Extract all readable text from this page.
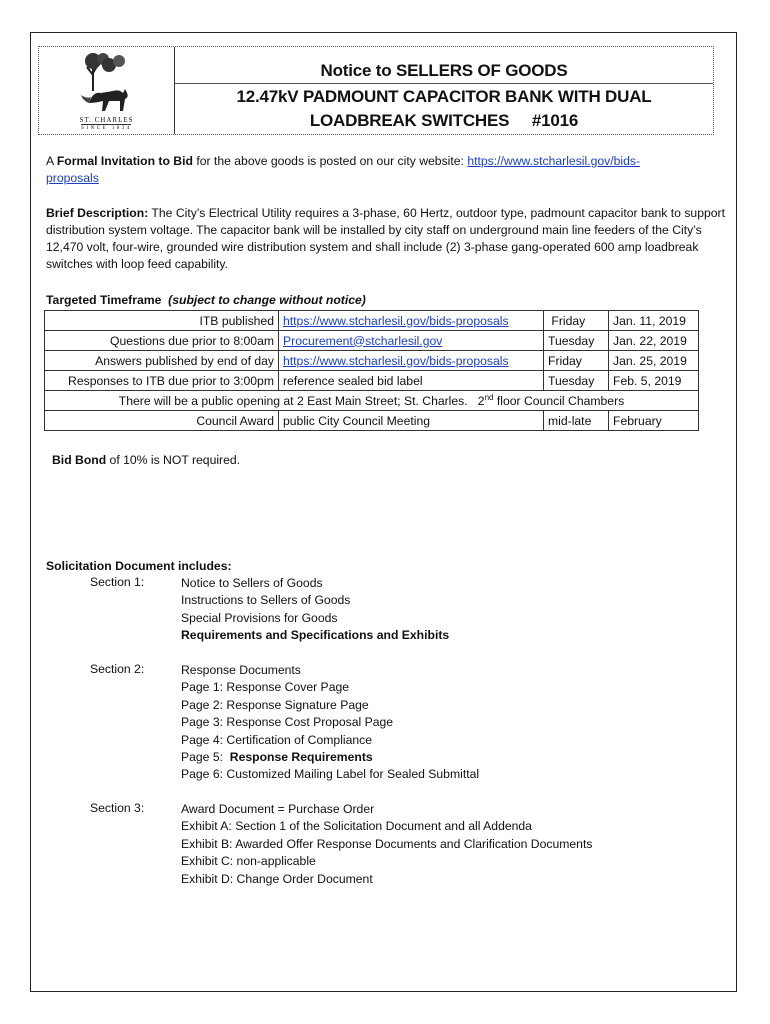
ST. CHARLES
SINCE 1834
Notice to SELLERS OF GOODS
12.47kV PADMOUNT CAPACITOR BANK WITH DUAL
LOADBREAK SWITCHES     #1016
A Formal Invitation to Bid for the above goods is posted on our city website: https://www.stcharlesil.gov/bids-
proposals
Brief Description: The City’s Electrical Utility requires a 3-phase, 60 Hertz, outdoor type, padmount capacitor bank to support distribution system voltage. The capacitor bank will be installed by city staff on underground main line feeders of the City’s 12,470 volt, four-wire, grounded wire distribution system and shall include (2) 3-phase gang-operated 600 amp loadbreak switches with loop feed capability.
Targeted Timeframe (subject to change without notice)
ITB published	https://www.stcharlesil.gov/bids-proposals	Friday	Jan. 11, 2019
Questions due prior to 8:00am	Procurement@stcharlesil.gov	Tuesday	Jan. 22, 2019
Answers published by end of day	https://www.stcharlesil.gov/bids-proposals	Friday	Jan. 25, 2019
Responses to ITB due prior to 3:00pm	reference sealed bid label	Tuesday	Feb. 5, 2019
There will be a public opening at 2 East Main Street; St. Charles.   2nd floor Council Chambers			
Council Award	public City Council Meeting	mid-late	February
Bid Bond of 10% is NOT required.
Solicitation Document includes:
Section 1:	Notice to Sellers of Goods
Instructions to Sellers of Goods
Special Provisions for Goods
Requirements and Specifications and Exhibits
Section 2:	Response Documents
Page 1: Response Cover Page
Page 2: Response Signature Page
Page 3: Response Cost Proposal Page
Page 4: Certification of Compliance
Page 5:  Response Requirements
Page 6: Customized Mailing Label for Sealed Submittal
Section 3:	Award Document = Purchase Order
Exhibit A: Section 1 of the Solicitation Document and all Addenda
Exhibit B: Awarded Offer Response Documents and Clarification Documents
Exhibit C: non-applicable
Exhibit D: Change Order Document
